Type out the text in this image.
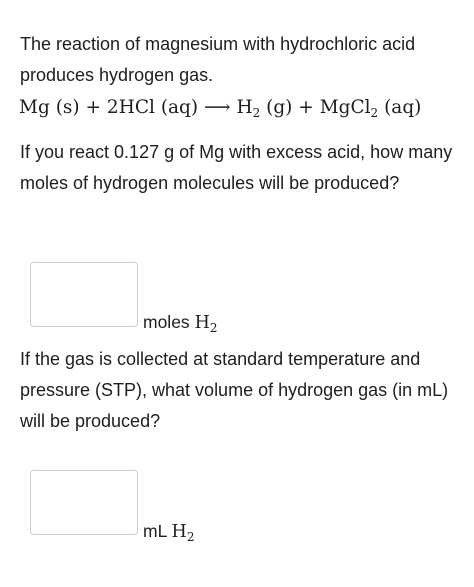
The reaction of magnesium with hydrochloric acid produces hydrogen gas.

Mg (s) + 2HCl (aq) ⟶ $H_2$ (g) + MgCl$_2$ (aq)

If you react 0.127 g of Mg with excess acid, how many moles of hydrogen molecules will be produced?

moles $H_2$

If the gas is collected at standard temperature and pressure (STP), what volume of hydrogen gas (in mL) will be produced?

mL $H_2$
